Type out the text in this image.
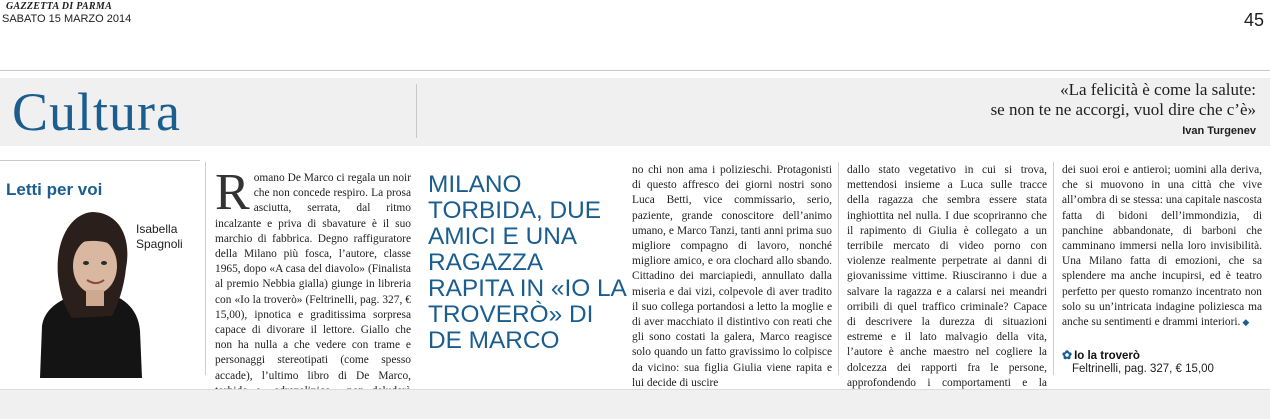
GAZZETTA DI PARMA
SABATO 15 MARZO 2014	45
Cultura	«La felicità è come la salute:
se non te ne accorgi, vuol dire che c’è»
Ivan Turgenev
Letti per voi
Isabella
Spagnoli
Romano De Marco ci regala un noir che non concede respiro. La prosa asciutta, serrata, dal ritmo incalzante e priva di sbavature è il suo marchio di fabbrica. Degno raffiguratore della Milano più fosca, l’autore, classe 1965, dopo «A casa del diavolo» (Finalista al premio Nebbia gialla) giunge in libreria con «Io la troverò» (Feltrinelli, pag. 327, € 15,00), ipnotica e graditissima sorpresa capace di divorare il lettore. Giallo che non ha nulla a che vedere con trame e personaggi stereotipati (come spesso accade), l’ultimo libro di De Marco,
MILANO TORBIDA, DUE AMICI E UNA RAGAZZA RAPITA IN «IO LA TROVERÒ» DI DE MARCO
no chi non ama i polizieschi. Protagonisti di questo affresco dei giorni nostri sono Luca Betti, vice commissario, serio, paziente, grande conoscitore dell’animo umano, e Marco Tanzi, tanti anni prima suo migliore compagno di lavoro, nonché migliore amico, e ora clochard allo sbando. Cittadino dei marciapiedi, annullato dalla miseria e dai vizi, colpevole di aver tradito il suo collega portandosi a letto la moglie e di aver macchiato il distintivo con reati che gli sono costati la galera, Marco reagisce solo quando un fatto gravissimo lo colpisce da vicino: sua figlia Giulia viene rapita e lui decide di uscire
dallo stato vegetativo in cui si trova, mettendosi insieme a Luca sulle tracce della ragazza che sembra essere stata inghiottita nel nulla. I due scopriranno che il rapimento di Giulia è collegato a un terribile mercato di video porno con violenze realmente perpetrate ai danni di giovanissime vittime. Riusciranno i due a salvare la ragazza e a calarsi nei meandri orribili di quel traffico criminale? Capace di descrivere la durezza di situazioni estreme e il lato malvagio della vita, l’autore è anche maestro nel cogliere la dolcezza dei rapporti fra le persone, approfondendo i comportamenti e la
dei suoi eroi e antieroi; uomini alla deriva, che si muovono in una città che vive all’ombra di se stessa: una capitale nascosta fatta di bidoni dell’immondizia, di panchine abbandonate, di barboni che camminano immersi nella loro invisibilità. Una Milano fatta di emozioni, che sa splendere ma anche incupirsi, ed è teatro perfetto per questo romanzo incentrato non solo su un’intricata indagine poliziesca ma anche su sentimenti e drammi interiori. ◆
✿ Io la troverò
Feltrinelli, pag. 327, € 15,00
